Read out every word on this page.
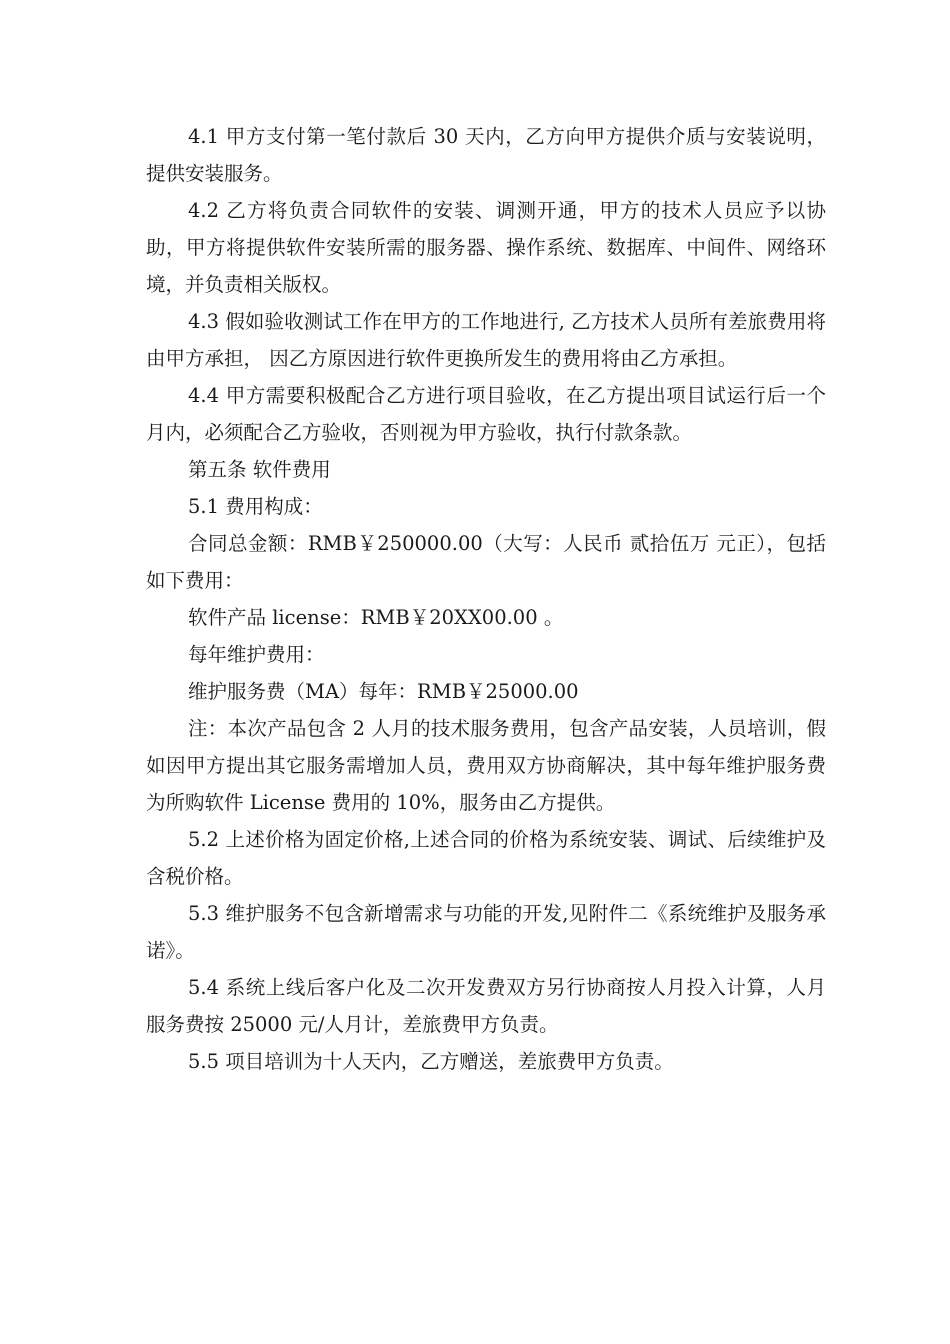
4.1 甲方支付第一笔付款后 30 天内，乙方向甲方提供介质与安装说明，提供安装服务。

4.2 乙方将负责合同软件的安装、调测开通，甲方的技术人员应予以协助，甲方将提供软件安装所需的服务器、操作系统、数据库、中间件、网络环境，并负责相关版权。

4.3 假如验收测试工作在甲方的工作地进行, 乙方技术人员所有差旅费用将由甲方承担， 因乙方原因进行软件更换所发生的费用将由乙方承担。

4.4 甲方需要积极配合乙方进行项目验收，在乙方提出项目试运行后一个月内，必须配合乙方验收，否则视为甲方验收，执行付款条款。

第五条 软件费用

5.1 费用构成：

合同总金额：RMB￥250000.00（大写：人民币 贰拾伍万 元正），包括如下费用：

软件产品 license：RMB￥20XX00.00 。

每年维护费用：

维护服务费（MA）每年：RMB￥25000.00

注：本次产品包含 2 人月的技术服务费用，包含产品安装，人员培训，假如因甲方提出其它服务需增加人员，费用双方协商解决，其中每年维护服务费为所购软件 License 费用的 10%，服务由乙方提供。

5.2 上述价格为固定价格,上述合同的价格为系统安装、调试、后续维护及含税价格。

5.3 维护服务不包含新增需求与功能的开发,见附件二《系统维护及服务承诺》。

5.4 系统上线后客户化及二次开发费双方另行协商按人月投入计算，人月服务费按 25000 元/人月计，差旅费甲方负责。

5.5 项目培训为十人天内，乙方赠送，差旅费甲方负责。
